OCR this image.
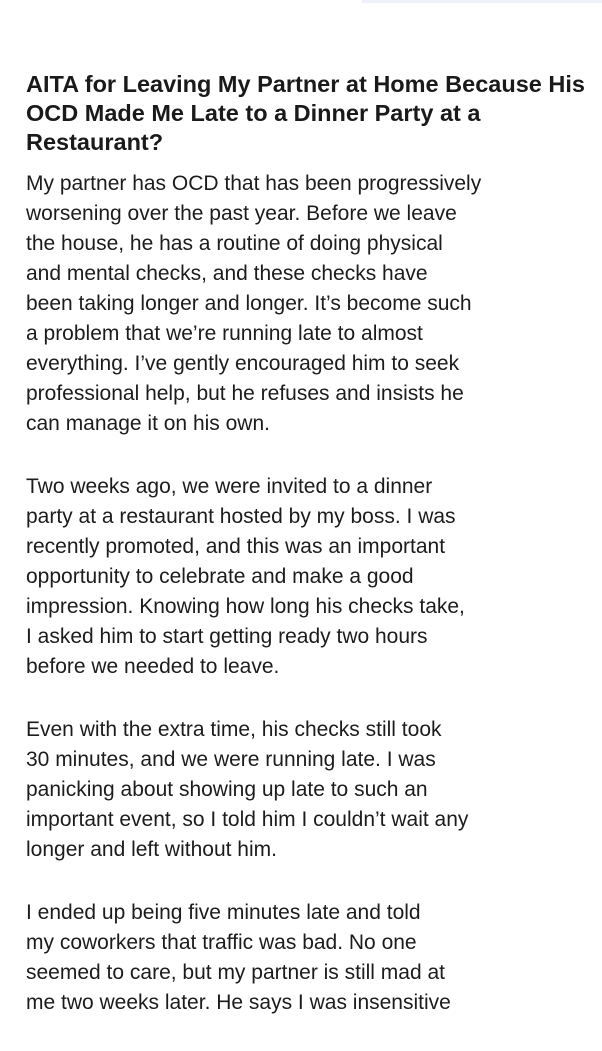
AITA for Leaving My Partner at Home Because His OCD Made Me Late to a Dinner Party at a Restaurant?

My partner has OCD that has been progressively
worsening over the past year. Before we leave
the house, he has a routine of doing physical
and mental checks, and these checks have
been taking longer and longer. It’s become such
a problem that we’re running late to almost
everything. I’ve gently encouraged him to seek
professional help, but he refuses and insists he
can manage it on his own.

Two weeks ago, we were invited to a dinner
party at a restaurant hosted by my boss. I was
recently promoted, and this was an important
opportunity to celebrate and make a good
impression. Knowing how long his checks take,
I asked him to start getting ready two hours
before we needed to leave.

Even with the extra time, his checks still took
30 minutes, and we were running late. I was
panicking about showing up late to such an
important event, so I told him I couldn’t wait any
longer and left without him.

I ended up being five minutes late and told
my coworkers that traffic was bad. No one
seemed to care, but my partner is still mad at
me two weeks later. He says I was insensitive
